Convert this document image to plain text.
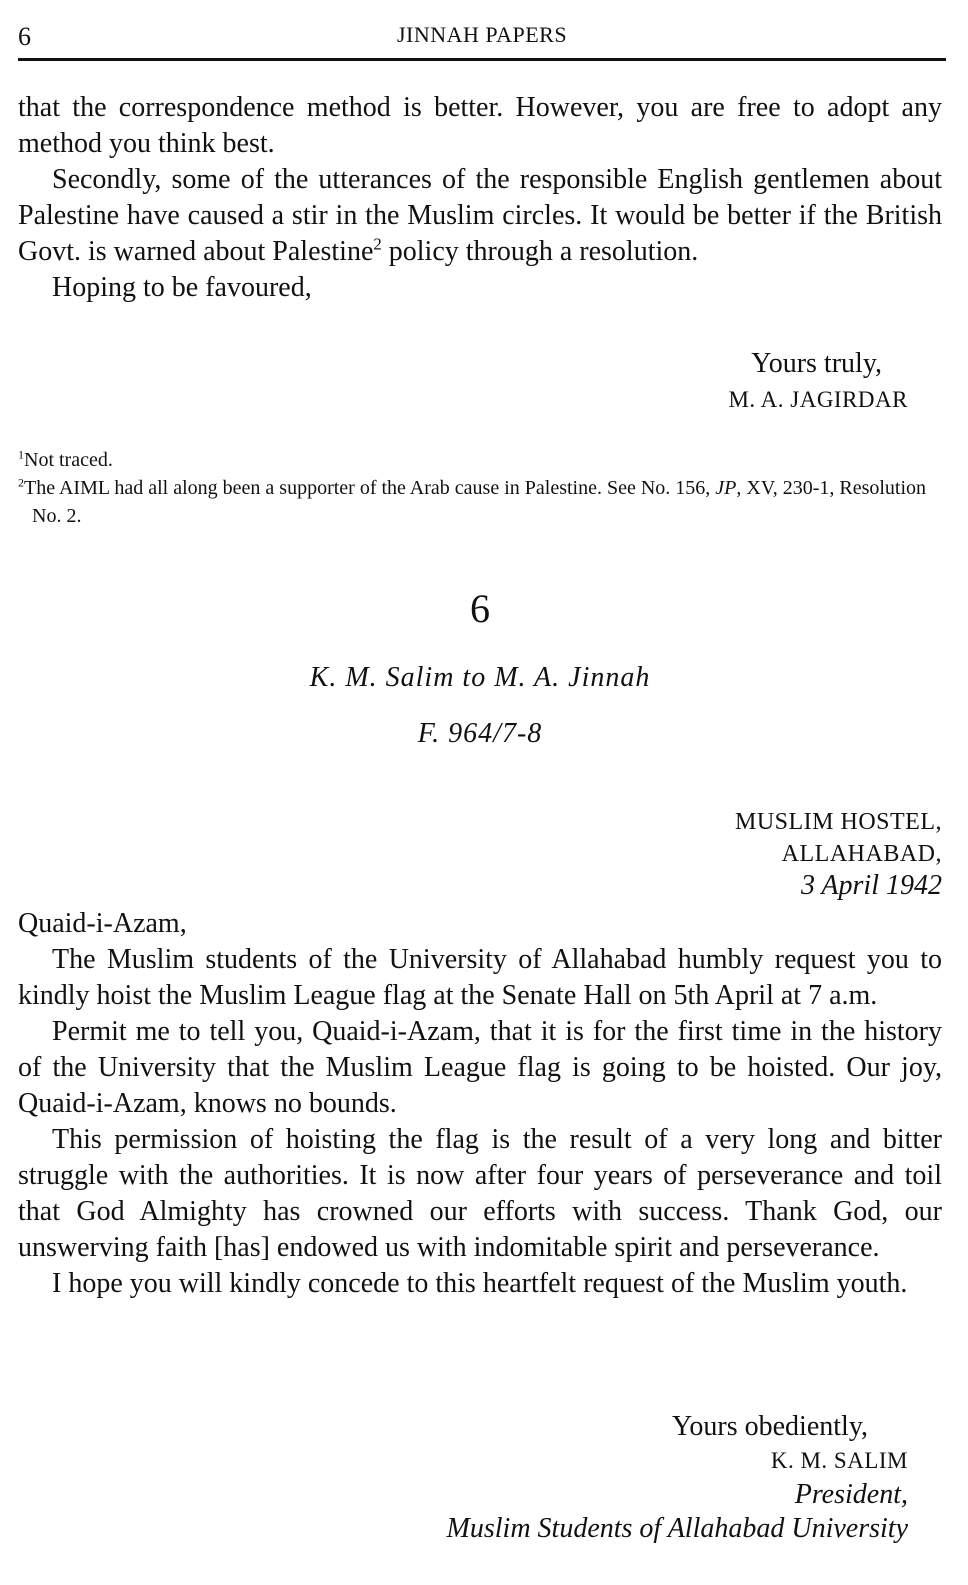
6	JINNAH PAPERS

that the correspondence method is better. However, you are free to adopt any method you think best.

Secondly, some of the utterances of the responsible English gentlemen about Palestine have caused a stir in the Muslim circles. It would be better if the British Govt. is warned about Palestine$^2$ policy through a resolution.

Hoping to be favoured,

Yours truly,
M. A. JAGIRDAR

$^1$Not traced.

$^2$The AIML had all along been a supporter of the Arab cause in Palestine. See No. 156, JP, XV, 230-1, Resolution No. 2.

6
K. M. Salim to M. A. Jinnah
F. 964/7-8
MUSLIM HOSTEL,
ALLAHABAD,
3 April 1942

Quaid-i-Azam,

The Muslim students of the University of Allahabad humbly request you to kindly hoist the Muslim League flag at the Senate Hall on 5th April at 7 a.m.

Permit me to tell you, Quaid-i-Azam, that it is for the first time in the history of the University that the Muslim League flag is going to be hoisted. Our joy, Quaid-i-Azam, knows no bounds.

This permission of hoisting the flag is the result of a very long and bitter struggle with the authorities. It is now after four years of perseverance and toil that God Almighty has crowned our efforts with success. Thank God, our unswerving faith [has] endowed us with indomitable spirit and perseverance.

I hope you will kindly concede to this heartfelt request of the Muslim youth.

Yours obediently,
K. M. SALIM
President,
Muslim Students of Allahabad University
